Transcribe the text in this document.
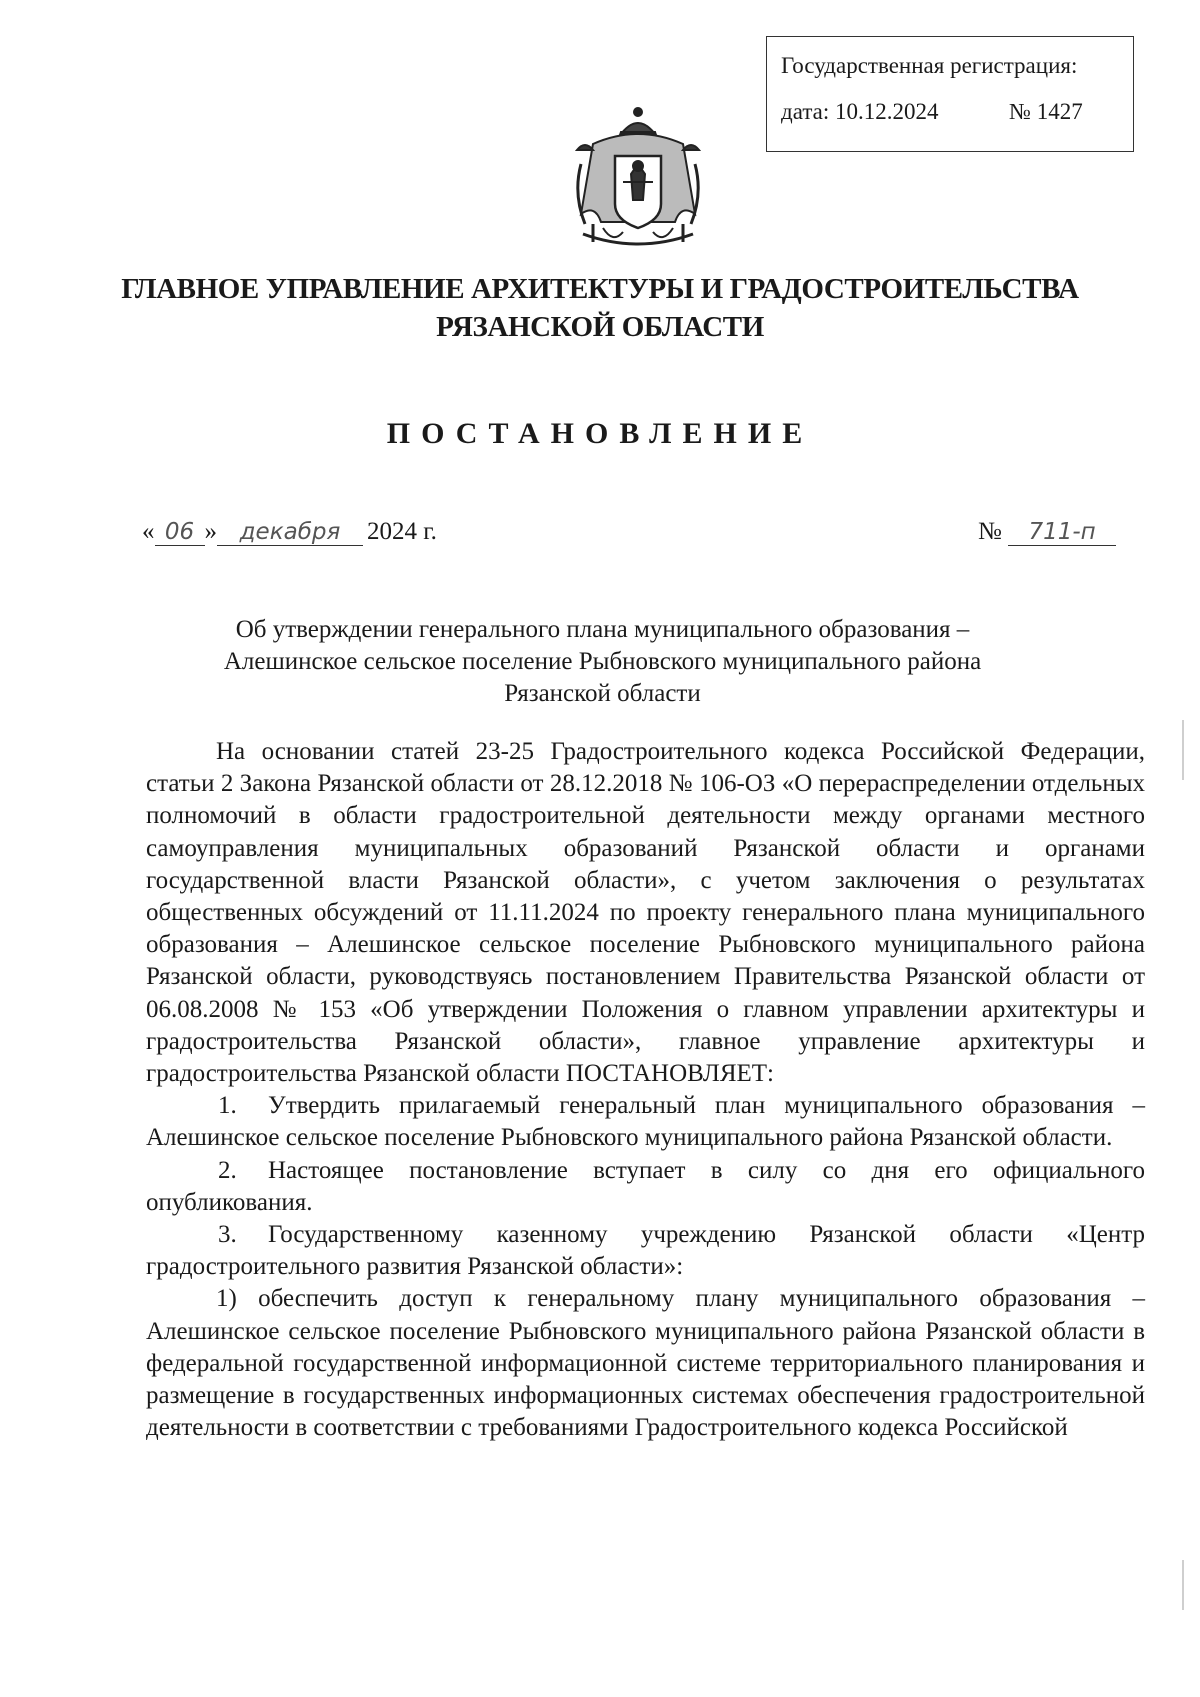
Государственная регистрация:
дата: 10.12.2024	№ 1427
ГЛАВНОЕ УПРАВЛЕНИЕ АРХИТЕКТУРЫ И ГРАДОСТРОИТЕЛЬСТВА
РЯЗАНСКОЙ ОБЛАСТИ
ПОСТАНОВЛЕНИЕ
« 06 » декабря 2024 г.	№ 711-п
Об утверждении генерального плана муниципального образования –
Алешинское сельское поселение Рыбновского муниципального района
Рязанской области

На основании статей 23-25 Градостроительного кодекса Российской Федерации, статьи 2 Закона Рязанской области от 28.12.2018 № 106-ОЗ «О перераспределении отдельных полномочий в области градостроительной деятельности между органами местного самоуправления муниципальных образований Рязанской области и органами государственной власти Рязанской области», с учетом заключения о результатах общественных обсуждений от 11.11.2024 по проекту генерального плана муниципального образования – Алешинское сельское поселение Рыбновского муниципального района Рязанской области, руководствуясь постановлением Правительства Рязанской области от 06.08.2008 № 153 «Об утверждении Положения о главном управлении архитектуры и градостроительства Рязанской области», главное управление архитектуры и градостроительства Рязанской области ПОСТАНОВЛЯЕТ:

1. Утвердить прилагаемый генеральный план муниципального образования – Алешинское сельское поселение Рыбновского муниципального района Рязанской области.

2. Настоящее постановление вступает в силу со дня его официального опубликования.

3. Государственному казенному учреждению Рязанской области «Центр градостроительного развития Рязанской области»:

1) обеспечить доступ к генеральному плану муниципального образования – Алешинское сельское поселение Рыбновского муниципального района Рязанской области в федеральной государственной информационной системе территориального планирования и размещение в государственных информационных системах обеспечения градостроительной деятельности в соответствии с требованиями Градостроительного кодекса Российской
